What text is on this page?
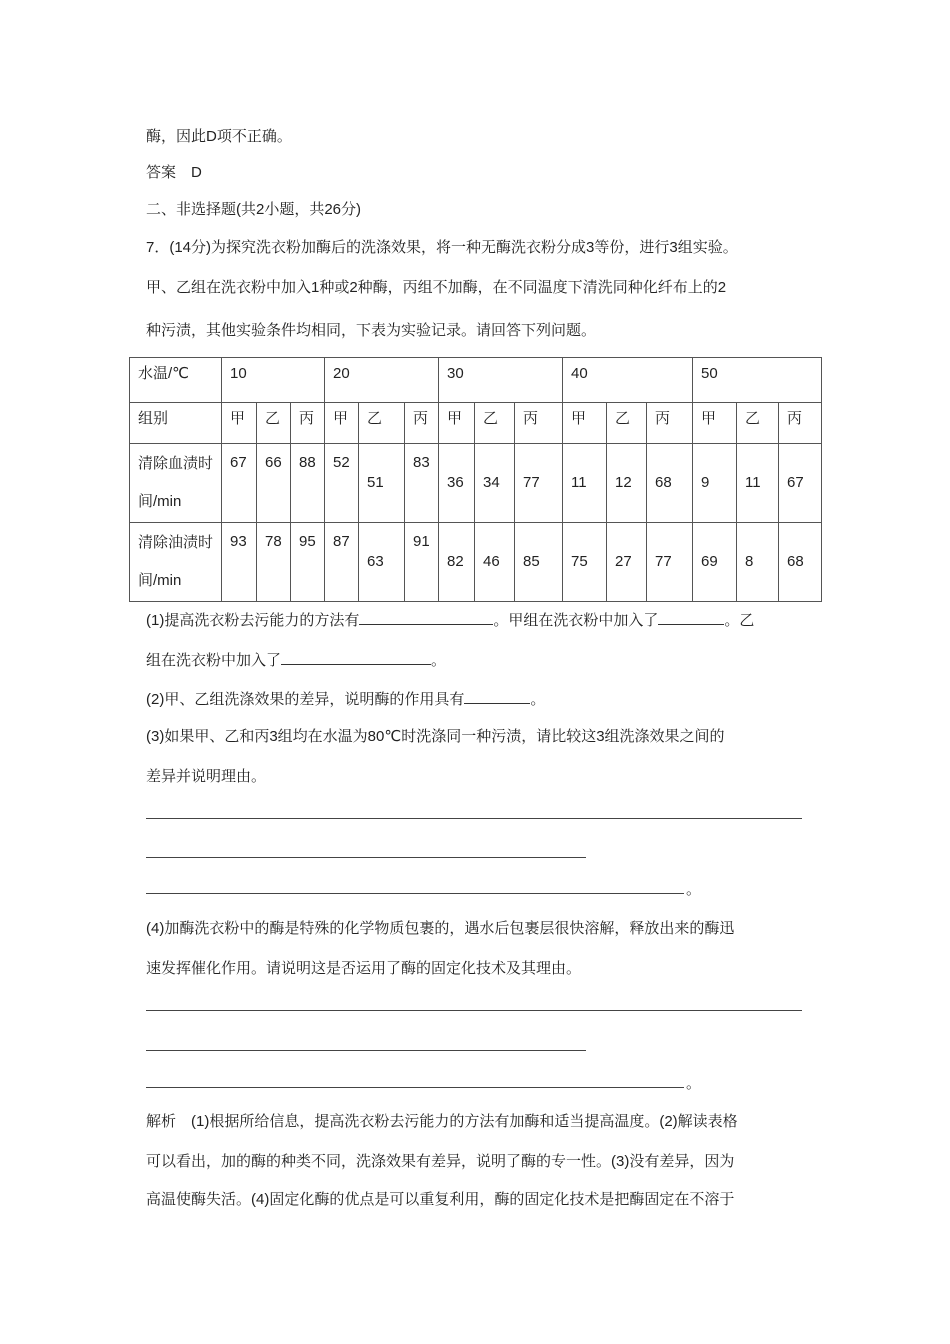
酶，因此D项不正确。
答案　D
二、非选择题(共2小题，共26分)
7．(14分)为探究洗衣粉加酶后的洗涤效果，将一种无酶洗衣粉分成3等份，进行3组实验。
甲、乙组在洗衣粉中加入1种或2种酶，丙组不加酶，在不同温度下清洗同种化纤布上的2
种污渍，其他实验条件均相同，下表为实验记录。请回答下列问题。
水温/℃	10			20			30			40			50		
组别	甲	乙	丙	甲	乙	丙	甲	乙	丙	甲	乙	丙	甲	乙	丙
清除血渍时间/min	67	66	88	52	51	83	36	34	77	11	12	68	9	11	67
清除油渍时间/min	93	78	95	87	63	91	82	46	85	75	27	77	69	8	68
(1)提高洗衣粉去污能力的方法有	。甲组在洗衣粉中加入了	。乙
组在洗衣粉中加入了	。
(2)甲、乙组洗涤效果的差异，说明酶的作用具有	。
(3)如果甲、乙和丙3组均在水温为80℃时洗涤同一种污渍，请比较这3组洗涤效果之间的
差异并说明理由。
。
(4)加酶洗衣粉中的酶是特殊的化学物质包裹的，遇水后包裹层很快溶解，释放出来的酶迅
速发挥催化作用。请说明这是否运用了酶的固定化技术及其理由。
。
解析　(1)根据所给信息，提高洗衣粉去污能力的方法有加酶和适当提高温度。(2)解读表格
可以看出，加的酶的种类不同，洗涤效果有差异，说明了酶的专一性。(3)没有差异，因为
高温使酶失活。(4)固定化酶的优点是可以重复利用，酶的固定化技术是把酶固定在不溶于
